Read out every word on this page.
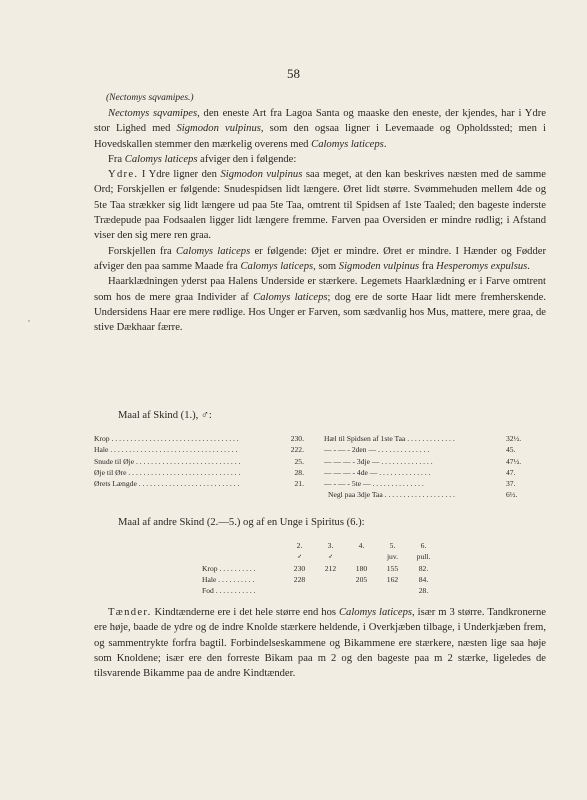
58
(Nectomys sqvamipes.)

Nectomys sqvamipes, den eneste Art fra Lagoa Santa og maaske den eneste, der kjendes, har i Ydre stor Lighed med Sigmodon vulpinus, som den ogsaa ligner i Levemaade og Opholdssted; men i Hovedskallen stemmer den mærkelig overens med Calomys laticeps.

Fra Calomys laticeps afviger den i følgende:

Ydre. I Ydre ligner den Sigmodon vulpinus saa meget, at den kan beskrives næsten med de samme Ord; Forskjellen er følgende: Snudespidsen lidt længere. Øret lidt større. Svømmehuden mellem 4de og 5te Taa strækker sig lidt længere ud paa 5te Taa, omtrent til Spidsen af 1ste Taaled; den bageste inderste Trædepude paa Fodsaalen ligger lidt længere fremme. Farven paa Oversiden er mindre rødlig; i Afstand viser den sig mere ren graa.

Forskjellen fra Calomys laticeps er følgende: Øjet er mindre. Øret er mindre. I Hænder og Fødder afviger den paa samme Maade fra Calomys laticeps, som Sigmoden vulpinus fra Hesperomys expulsus.

Haarklædningen yderst paa Halens Underside er stærkere. Legemets Haarklædning er i Farve omtrent som hos de mere graa Individer af Calomys laticeps; dog ere de sorte Haar lidt mere fremherskende. Undersidens Haar ere mere rødlige. Hos Unger er Farven, som sædvanlig hos Mus, mattere, mere graa, de stive Dækhaar færre.

Maal af Skind (1.), ♂:
Krop . . . . . . . . . . . . . . . . . . . . . . . . . . . . . . . . . .	230.
Hale . . . . . . . . . . . . . . . . . . . . . . . . . . . . . . . . . .	222.
Snude til Øje . . . . . . . . . . . . . . . . . . . . . . . . . . . .	25.
Øje til Øre . . . . . . . . . . . . . . . . . . . . . . . . . . . . . .	28.
Ørets Længde . . . . . . . . . . . . . . . . . . . . . . . . . . .	21.
Hæl til Spidsen af 1ste Taa . . . . . . . . . . . . .	32½.
— - — - 2den — . . . . . . . . . . . . . .	45.
— — — - 3dje — . . . . . . . . . . . . . .	47½.
— — — - 4de — . . . . . . . . . . . . . .	47.
— - — - 5te — . . . . . . . . . . . . . .	37.
Negl paa 3dje Taa . . . . . . . . . . . . . . . . . . .	6½.
Maal af andre Skind (2.—5.) og af en Unge i Spiritus (6.):
	2.	3.	4.	5.	6.
	♂	♂		juv.	pull.
Krop . . . . . . . . . .	230	212	180	155	82.
Hale . . . . . . . . . .	228		205	162	84.
Fod . . . . . . . . . . .					28.

Tænder. Kindtænderne ere i det hele større end hos Calomys laticeps, især m 3 større. Tandkronerne ere høje, baade de ydre og de indre Knolde stærkere heldende, i Overkjæben tilbage, i Underkjæben frem, og sammentrykte forfra bagtil. Forbindelseskammene og Bikammene ere stærkere, næsten lige saa høje som Knoldene; især ere den forreste Bikam paa m 2 og den bageste paa m 2 stærke, ligeledes de tilsvarende Bikamme paa de andre Kindtænder.

,
